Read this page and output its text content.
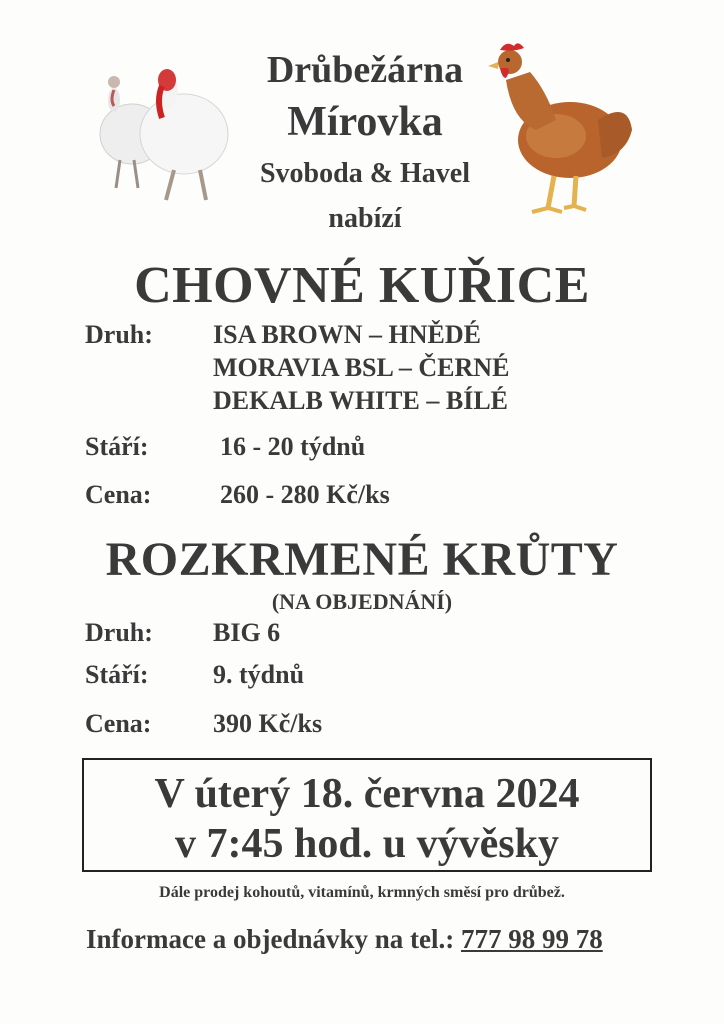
Drůbežárna
Mírovka
Svoboda & Havel
nabízí
CHOVNÉ KUŘICE
Druh: ISA BROWN – HNĚDÉ
MORAVIA BSL – ČERNÉ
DEKALB WHITE – BÍLÉ
Stáří:	16 - 20 týdnů
Cena:	260 - 280 Kč/ks
ROZKRMENÉ KRŮTY
(NA OBJEDNÁNÍ)
Druh: BIG 6
Stáří: 9. týdnů
Cena: 390 Kč/ks
V úterý 18. června 2024
v 7:45 hod. u vývěsky
Dále prodej kohoutů, vitamínů, krmných směsí pro drůbež.
Informace a objednávky na tel.: 777 98 99 78
